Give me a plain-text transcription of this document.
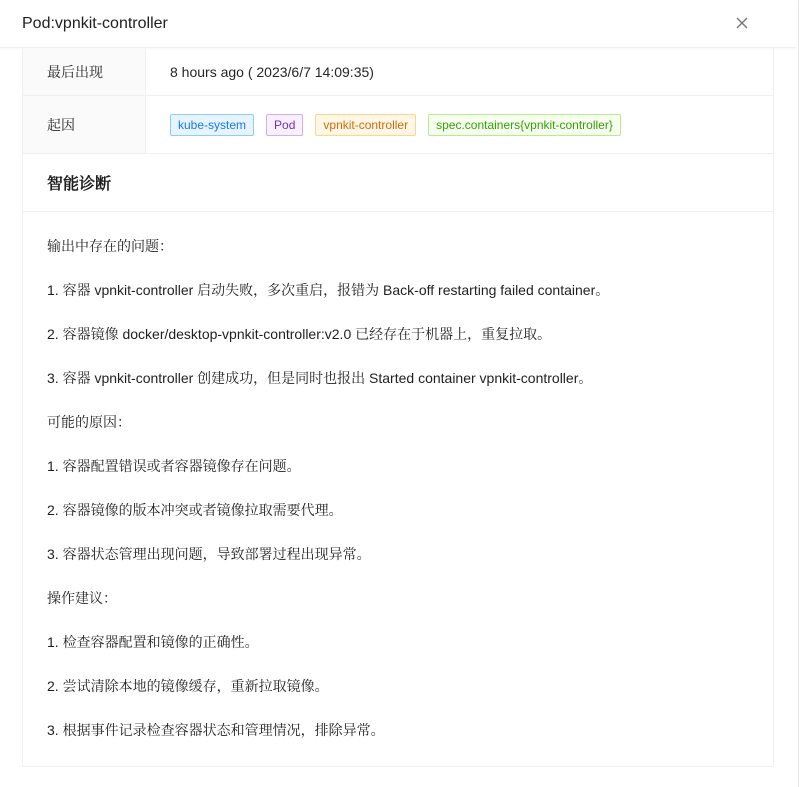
Pod:vpnkit-controller
最后出现	8 hours ago ( 2023/6/7 14:09:35)
起因	kube-system	Pod	vpnkit-controller	spec.containers{vpnkit-controller}
智能诊断
输出中存在的问题：
1. 容器 vpnkit-controller 启动失败，多次重启，报错为 Back-off restarting failed container。
2. 容器镜像 docker/desktop-vpnkit-controller:v2.0 已经存在于机器上，重复拉取。
3. 容器 vpnkit-controller 创建成功，但是同时也报出 Started container vpnkit-controller。
可能的原因：
1. 容器配置错误或者容器镜像存在问题。
2. 容器镜像的版本冲突或者镜像拉取需要代理。
3. 容器状态管理出现问题，导致部署过程出现异常。
操作建议：
1. 检查容器配置和镜像的正确性。
2. 尝试清除本地的镜像缓存，重新拉取镜像。
3. 根据事件记录检查容器状态和管理情况，排除异常。
